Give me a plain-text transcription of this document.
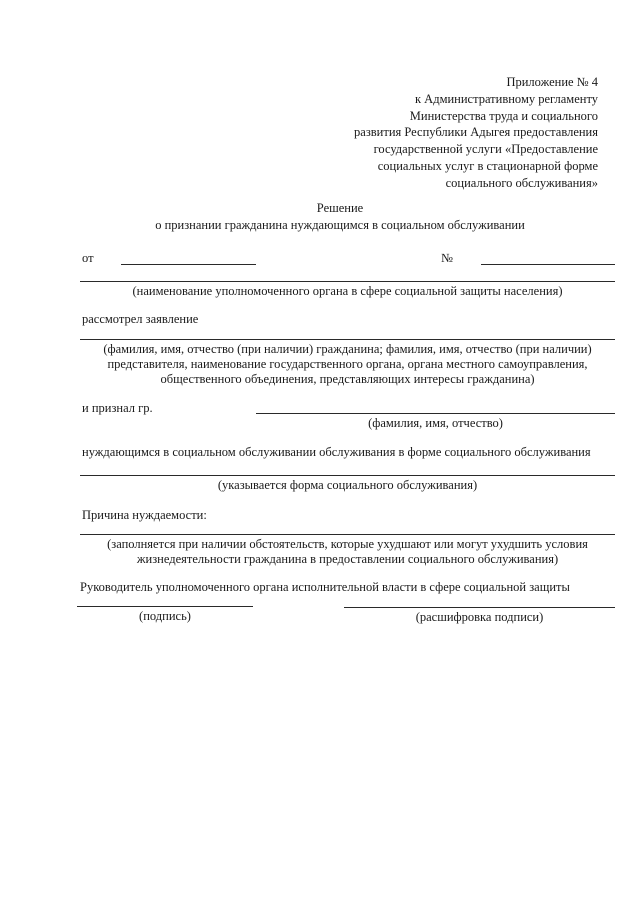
Приложение № 4
к Административному регламенту
Министерства труда и социального
развития Республики Адыгея предоставления
государственной услуги «Предоставление
социальных услуг в стационарной форме
социального обслуживания»
Решение
о признании гражданина нуждающимся в социальном обслуживании
от	№
(наименование уполномоченного органа в сфере социальной защиты населения)
рассмотрел заявление
(фамилия, имя, отчество (при наличии) гражданина; фамилия, имя, отчество (при наличии)
представителя, наименование государственного органа, органа местного самоуправления,
общественного объединения, представляющих интересы гражданина)
и признал гр.
(фамилия, имя, отчество)
нуждающимся в социальном обслуживании обслуживания в форме социального обслуживания
(указывается форма социального обслуживания)
Причина нуждаемости:
(заполняется при наличии обстоятельств, которые ухудшают или могут ухудшить условия
жизнедеятельности гражданина в предоставлении социального обслуживания)
Руководитель уполномоченного органа исполнительной власти в сфере социальной защиты
(подпись)	(расшифровка подписи)
